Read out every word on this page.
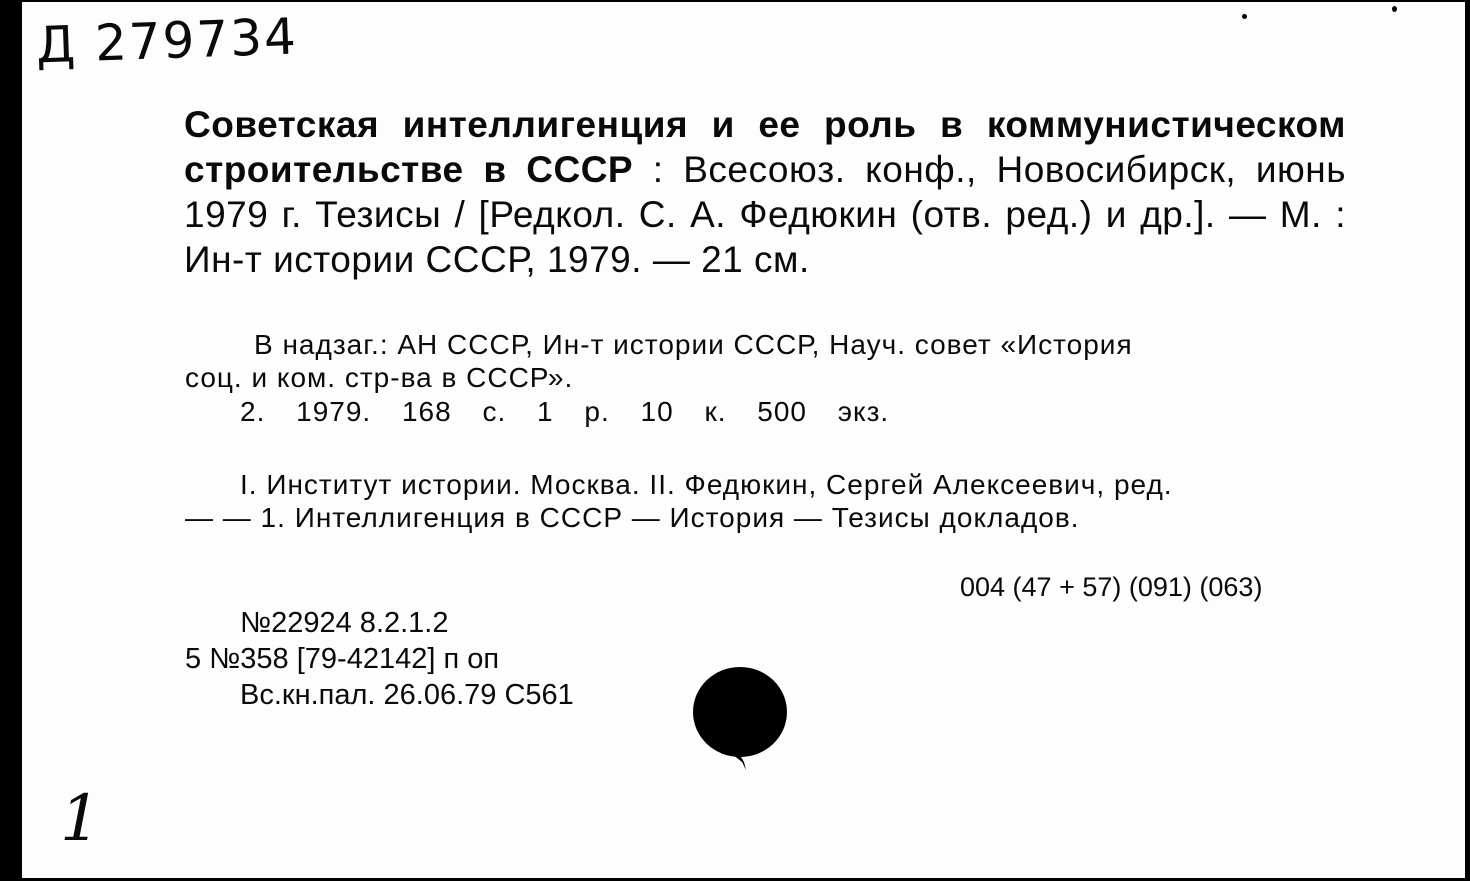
Д 279734
Советская интеллигенция и ее роль в коммунистическом строительстве в СССР : Всесоюз. конф., Новосибирск, июнь 1979 г. Тезисы / [Редкол. С. А. Федюкин (отв. ред.) и др.]. — М. : Ин-т истории СССР, 1979. — 21 см.
В надзаг.: АН СССР, Ин-т истории СССР, Науч. совет «История
соц. и ком. стр-ва в СССР».
2. 1979. 168 с. 1 р. 10 к. 500 экз.
I. Институт истории. Москва. II. Федюкин, Сергей Алексеевич, ред.
— — 1. Интеллигенция в СССР — История — Тезисы докладов.
004 (47 + 57) (091) (063)
№22924 8.2.1.2
5 №358 [79-42142] п оп
Вс.кн.пал. 26.06.79 С561
1
